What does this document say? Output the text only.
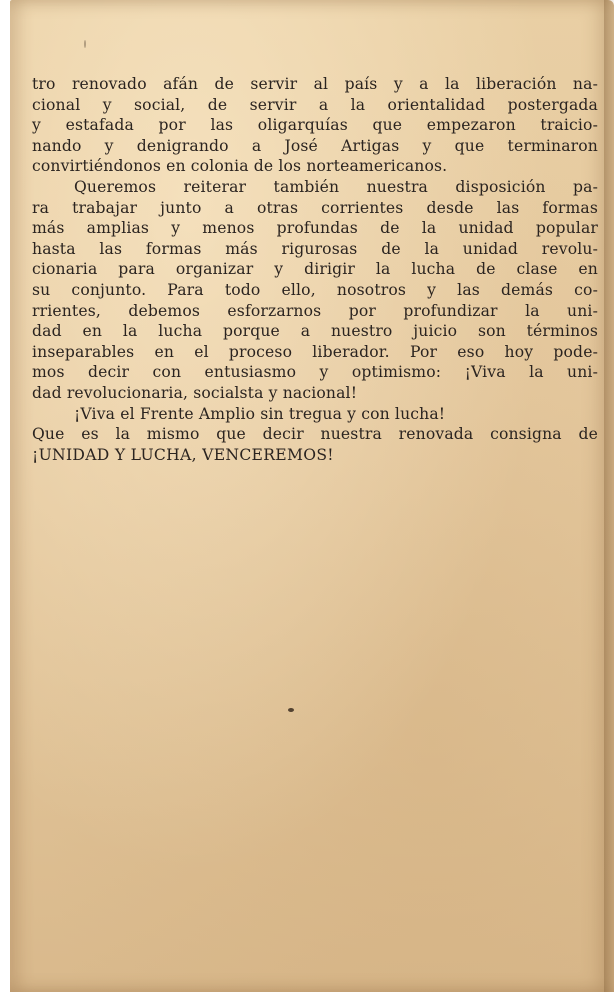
tro renovado afán de servir al país y a la liberación na-
cional y social, de servir a la orientalidad postergada
y estafada por las oligarquías que empezaron traicio-
nando y denigrando a José Artigas y que terminaron
convirtiéndonos en colonia de los norteamericanos.
Queremos reiterar también nuestra disposición pa-
ra trabajar junto a otras corrientes desde las formas
más amplias y menos profundas de la unidad popular
hasta las formas más rigurosas de la unidad revolu-
cionaria para organizar y dirigir la lucha de clase en
su conjunto. Para todo ello, nosotros y las demás co-
rrientes, debemos esforzarnos por profundizar la uni-
dad en la lucha porque a nuestro juicio son términos
inseparables en el proceso liberador. Por eso hoy pode-
mos decir con entusiasmo y optimismo: ¡Viva la uni-
dad revolucionaria, socialsta y nacional!
¡Viva el Frente Amplio sin tregua y con lucha!
Que es la mismo que decir nuestra renovada consigna de
¡UNIDAD Y LUCHA, VENCEREMOS!
